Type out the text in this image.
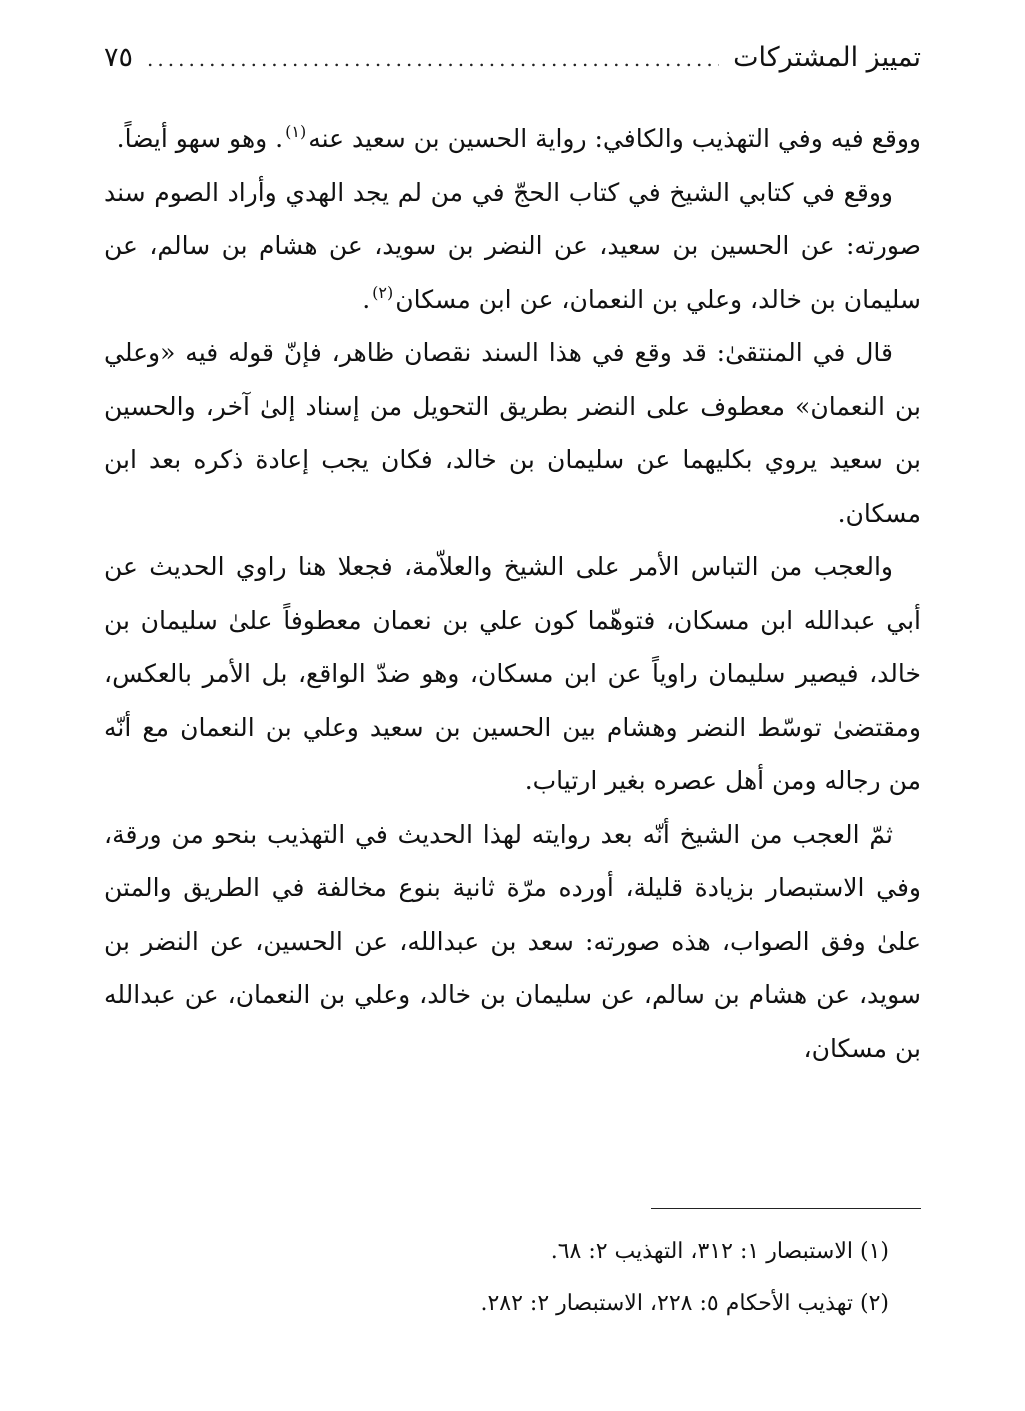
تمييز المشتركات
.....
٧٥

ووقع فيه وفي التهذيب والكافي: رواية الحسين بن سعيد عنه$^{(١)}$. وهو سهو أيضاً.

ووقع في كتابي الشيخ في كتاب الحجّ في من لم يجد الهدي وأراد الصوم سند صورته: عن الحسين بن سعيد، عن النضر بن سويد، عن هشام بن سالم، عن سليمان بن خالد، وعلي بن النعمان، عن ابن مسكان$^{(٢)}$.

قال في المنتقىٰ: قد وقع في هذا السند نقصان ظاهر، فإنّ قوله فيه «وعلي بن النعمان» معطوف على النضر بطريق التحويل من إسناد إلىٰ آخر، والحسين بن سعيد يروي بكليهما عن سليمان بن خالد، فكان يجب إعادة ذكره بعد ابن مسكان.

والعجب من التباس الأمر على الشيخ والعلاّمة، فجعلا هنا راوي الحديث عن أبي عبدالله ابن مسكان، فتوهّما كون علي بن نعمان معطوفاً علىٰ سليمان بن خالد، فيصير سليمان راوياً عن ابن مسكان، وهو ضدّ الواقع، بل الأمر بالعكس، ومقتضىٰ توسّط النضر وهشام بين الحسين بن سعيد وعلي بن النعمان مع أنّه من رجاله ومن أهل عصره بغير ارتياب.

ثمّ العجب من الشيخ أنّه بعد روايته لهذا الحديث في التهذيب بنحو من ورقة، وفي الاستبصار بزيادة قليلة، أورده مرّة ثانية بنوع مخالفة في الطريق والمتن علىٰ وفق الصواب، هذه صورته: سعد بن عبدالله، عن الحسين، عن النضر بن سويد، عن هشام بن سالم، عن سليمان بن خالد، وعلي بن النعمان، عن عبدالله بن مسكان،

(١) الاستبصار ١: ٣١٢، التهذيب ٢: ٦٨.
(٢) تهذيب الأحكام ٥: ٢٢٨، الاستبصار ٢: ٢٨٢.
